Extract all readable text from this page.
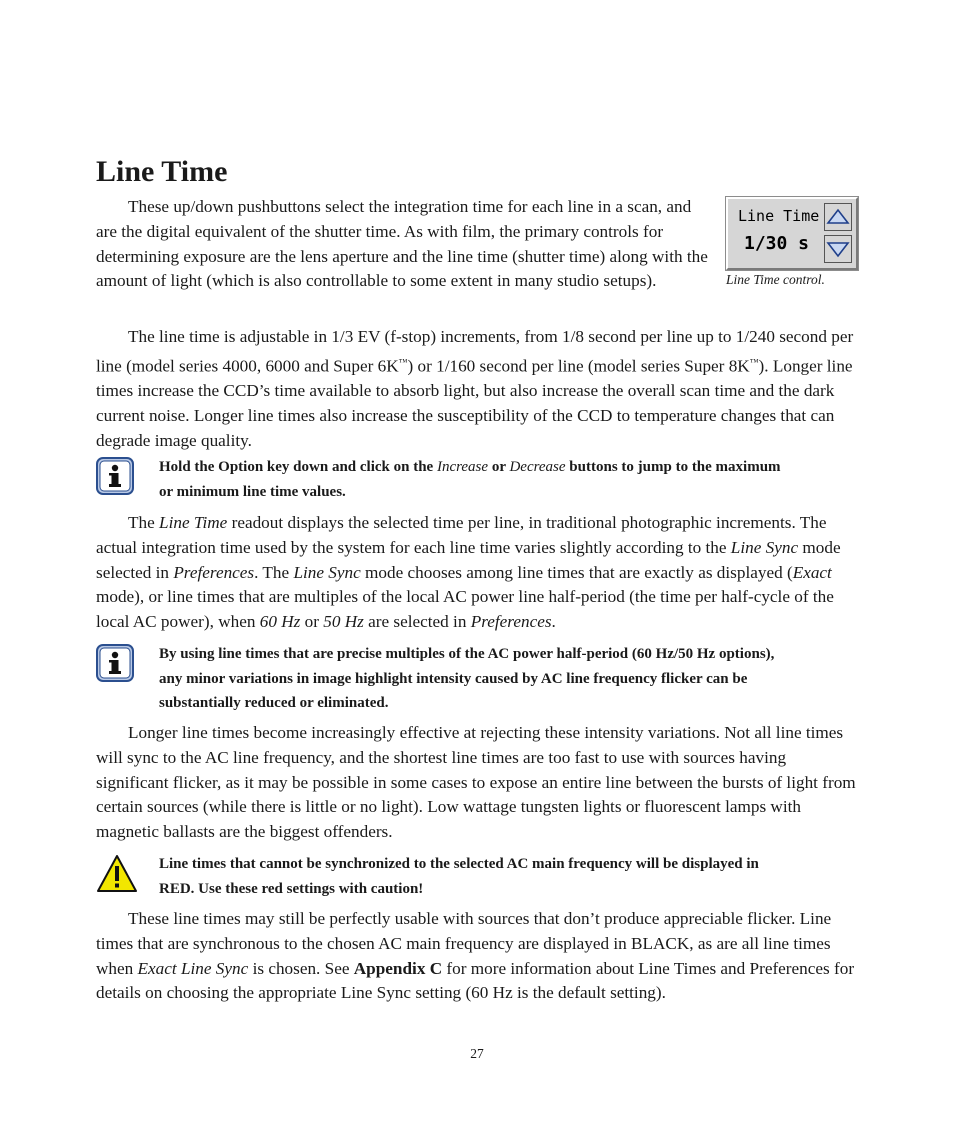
Line Time

These up/down pushbuttons select the integration time for each line in a scan, and are the digital equivalent of the shutter time. As with film, the primary controls for determining exposure are the lens aperture and the line time (shutter time) along with the amount of light (which is also controllable to some extent in many studio setups).

Line Time
1/30 s
Line Time control.

The line time is adjustable in 1/3 EV (f-stop) increments, from 1/8 second per line up to 1/240 second per line (model series 4000, 6000 and Super 6K™) or 1/160 second per line (model series Super 8K™). Longer line times increase the CCD’s time available to absorb light, but also increase the overall scan time and the dark current noise. Longer line times also increase the susceptibility of the CCD to temperature changes that can degrade image quality.

Hold the Option key down and click on the Increase or Decrease buttons to jump to the maximum or minimum line time values.

The Line Time readout displays the selected time per line, in traditional photographic increments. The actual integration time used by the system for each line time varies slightly according to the Line Sync mode selected in Preferences. The Line Sync mode chooses among line times that are exactly as displayed (Exact mode), or line times that are multiples of the local AC power line half-period (the time per half-cycle of the local AC power), when 60 Hz or 50 Hz are selected in Preferences.

By using line times that are precise multiples of the AC power half-period (60 Hz/50 Hz options), any minor variations in image highlight intensity caused by AC line frequency flicker can be substantially reduced or eliminated.

Longer line times become increasingly effective at rejecting these intensity variations. Not all line times will sync to the AC line frequency, and the shortest line times are too fast to use with sources having significant flicker, as it may be possible in some cases to expose an entire line between the bursts of light from certain sources (while there is little or no light). Low wattage tungsten lights or fluorescent lamps with magnetic ballasts are the biggest offenders.

Line times that cannot be synchronized to the selected AC main frequency will be displayed in RED. Use these red settings with caution!

These line times may still be perfectly usable with sources that don’t produce appreciable flicker. Line times that are synchronous to the chosen AC main frequency are displayed in BLACK, as are all line times when Exact Line Sync is chosen. See Appendix C for more information about Line Times and Preferences for details on choosing the appropriate Line Sync setting (60 Hz is the default setting).

27
